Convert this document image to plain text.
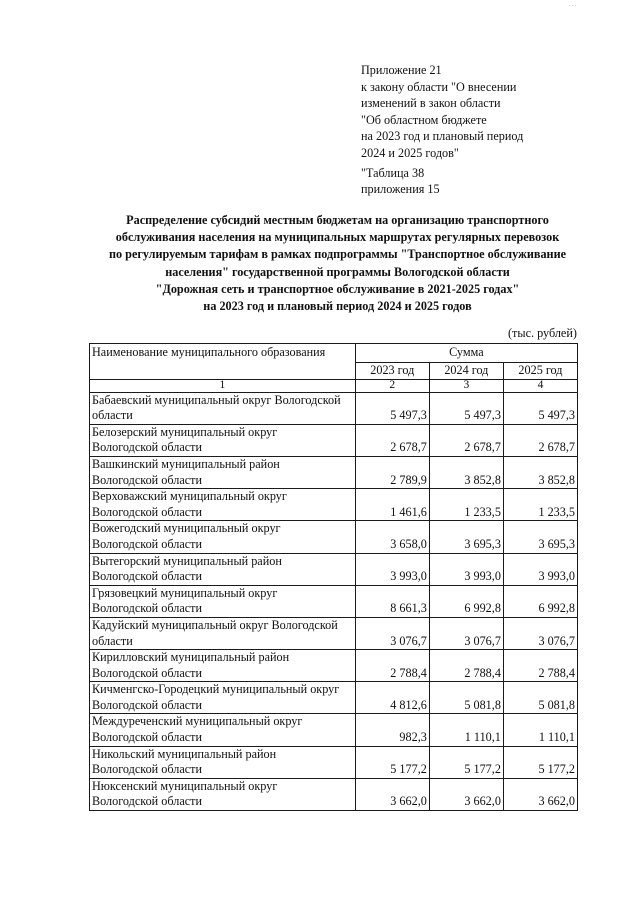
. . .
Приложение 21
к закону области "О внесении
изменений в закон области
"Об областном бюджете
на 2023 год и плановый период
2024 и 2025 годов"
"Таблица 38
приложения 15
Распределение субсидий местным бюджетам на организацию транспортного
обслуживания населения на муниципальных маршрутах регулярных перевозок
по регулируемым тарифам в рамках подпрограммы "Транспортное обслуживание
населения" государственной программы Вологодской области
"Дорожная сеть и транспортное обслуживание в 2021-2025 годах"
на 2023 год и плановый период 2024 и 2025 годов
(тыс. рублей)
Наименование муниципального образования	Сумма		
	2023 год	2024 год	2025 год
1	2	3	4

Бабаевский муниципальный округ Вологодской
области	5 497,3	5 497,3	5 497,3

Белозерский муниципальный округ
Вологодской области	2 678,7	2 678,7	2 678,7

Вашкинский муниципальный район
Вологодской области	2 789,9	3 852,8	3 852,8

Верховажский муниципальный округ
Вологодской области	1 461,6	1 233,5	1 233,5

Вожегодский муниципальный округ
Вологодской области	3 658,0	3 695,3	3 695,3

Вытегорский муниципальный район
Вологодской области	3 993,0	3 993,0	3 993,0

Грязовецкий муниципальный округ
Вологодской области	8 661,3	6 992,8	6 992,8

Кадуйский муниципальный округ Вологодской
области	3 076,7	3 076,7	3 076,7

Кирилловский муниципальный район
Вологодской области	2 788,4	2 788,4	2 788,4

Кичменгско-Городецкий муниципальный округ
Вологодской области	4 812,6	5 081,8	5 081,8

Междуреченский муниципальный округ
Вологодской области	982,3	1 110,1	1 110,1

Никольский муниципальный район
Вологодской области	5 177,2	5 177,2	5 177,2

Нюксенский муниципальный округ
Вологодской области	3 662,0	3 662,0	3 662,0
